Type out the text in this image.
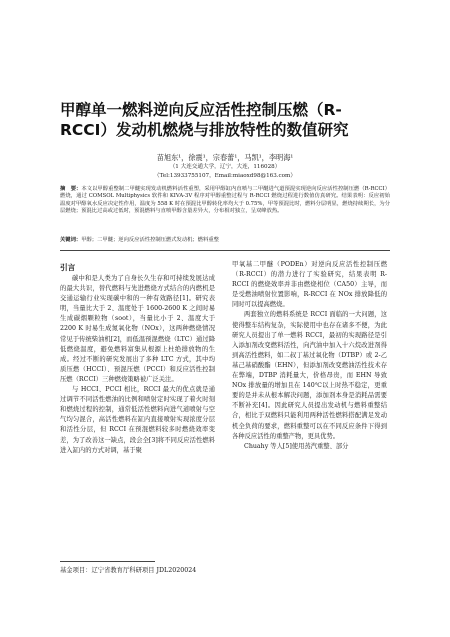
甲醇单一燃料逆向反应活性控制压燃（R-
RCCI）发动机燃烧与排放特性的数值研究
苗旭东¹，徐震¹，宗春蕾¹，马凯¹，李明海¹
（1 大连交通大学，辽宁，大连，116028）
（Tel:13933755107，Email:miaoxd98@163.com）
摘　要：本文以甲醇重整制二甲醚实现发动机燃料活性重塑，采用甲醇缸内直喷与二甲醚进气道预混实现逆向反应活性控制压燃（R-RCCI）燃烧，通过 COMSOL Multiphysics 软件和 KIVA-3V 程序对甲醇重整过程与 R-RCCI 燃烧过程进行数值仿真研究。结果表明：反应初始温度对甲醇氧水反应决定性作用，温度为 558 K 时在预混比甲醇转化率均大于 0.75%，甲等预混比时，燃料分层明显，燃烧持续期长，为分层燃烧；预混比过高或过低时，预混燃料与直喷甲醇含量差异大，分布相对独立，呈双峰放热。
关键词：甲醇；二甲醚；逆向反应活性控制压燃式发动机；燃料重整

引言

碳中和是人类为了自身长久生存和可持续发展达成的最大共识，替代燃料与先进燃烧方式结合的内燃机是交通运输行业实现碳中和的一种有效路径[1]。研究表明，当量比大于 2、温度处于 1600-2600 K 之间时易生成碳烟颗粒物（soot），当量比小于 2、温度大于 2200 K 时易生成氮氧化物（NOx），这两种燃烧情况常见于传统柴油机[2]，而低温预混燃烧（LTC）通过降低燃烧温度，避免燃料富集从根源上杜绝排放物的生成。经过不断的研究发展出了多种 LTC 方式，其中均质压燃（HCCI）、预混压燃（PCCI）和反应活性控制压燃（RCCI）三种燃烧策略被广泛关注。

与 HCCI、PCCI 相比，RCCI 最大的优点就是通过调节不同活性燃油的比例和喷射定时实现了着火时刻和燃烧过程的控制，通常低活性燃料向进气道喷射与空气均匀混合，高活性燃料在缸内直接喷射实现浓度分层和活性分层，但 RCCI 在预混燃料较多时燃烧效率变差，为了改善这一缺点，段会全[3]将不同反应活性燃料进入缸内的方式对调，基于聚

甲氧基二甲醚（PODEn）对逆向反应活性控制压燃（R-RCCI）的潜力进行了实验研究，结果表明 R-RCCI 的燃烧效率并非由燃烧相位（CA50）主导，而是受燃油喷射位置影响，R-RCCI 在 NOx 排放降低的同时可以提高燃烧。

两套独立的燃料系统是 RCCI 面临的一大问题，这使得整车结构复杂，实际使用中也存在诸多不便，为此研究人员提出了单一燃料 RCCI，最初的实现路径是引入添加剂改变燃料活性，向汽油中加入十六烷改进剂得到高活性燃料，如二叔丁基过氧化物（DTBP）或 2-乙基己基硝酸酯（EHN），但添加剂改变燃油活性技术存在弊端，DTBP 消耗量大，价格昂贵，而 EHN 导致 NOx 排放量的增加且在 140℃以上时热不稳定，更重要的是并未从根本解决问题，添加剂本身是消耗品需要不断补充[4]。因此研究人员提出发动机与燃料重整结合，相比于双燃料只能利用两种活性燃料搭配满足发动机全负荷的要求，燃料重整可以在不同反应条件下得到各种反应活性的重整产物，更具优势。

Chuahy 等人[5]使用蒸汽重整、部分

基金项目：辽宁省教育厅科研项目 JDL2020024
